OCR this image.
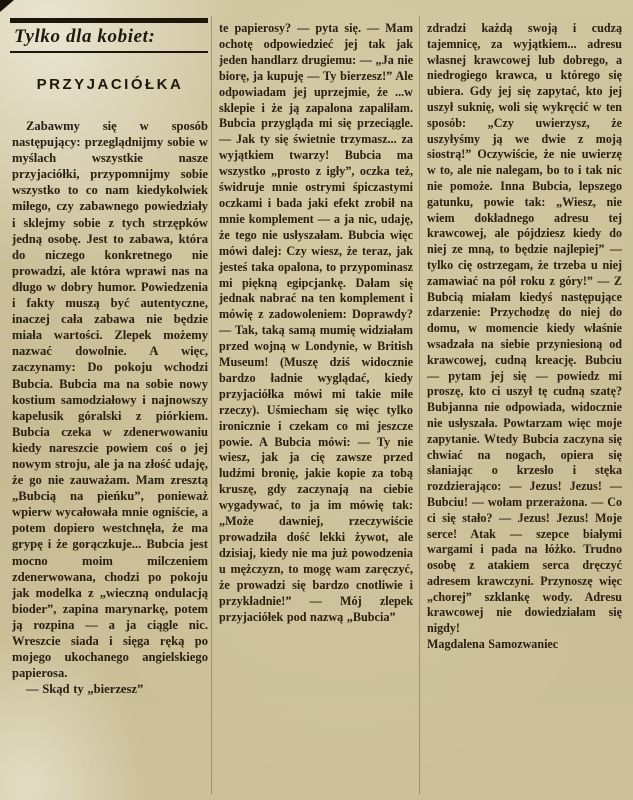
Tylko dla kobiet:
PRZYJACIÓŁKA

Zabawmy się w sposób następujący: przeglądnijmy sobie w myślach wszystkie nasze przyjaciółki, przypomnijmy sobie wszystko to co nam kiedykolwiek miłego, czy zabawnego powiedziały i sklejmy sobie z tych strzępków jedną osobę. Jest to zabawa, która do niczego konkretnego nie prowadzi, ale która wprawi nas na długo w dobry humor. Powiedzenia i fakty muszą być autentyczne, inaczej cała zabawa nie będzie miała wartości. Zlepek możemy nazwać dowolnie. A więc, zaczynamy: Do pokoju wchodzi Bubcia. Bubcia ma na sobie nowy kostium samodziałowy i najnowszy kapelusik góralski z piórkiem. Bubcia czeka w zdenerwowaniu kiedy nareszcie powiem coś o jej nowym stroju, ale ja na złość udaję, że go nie zauważam. Mam zresztą „Bubcią na pieńku”, ponieważ wpierw wycałowała mnie ogniście, a potem dopiero westchnęła, że ma grypę i że gorączkuje... Bubcia jest mocno moim milczeniem zdenerwowana, chodzi po pokoju jak modelka z „wieczną ondulacją bioder”, zapina marynarkę, potem ją rozpina — a ja ciągle nic. Wreszcie siada i sięga ręką po mojego ukochanego angielskiego papierosa.

— Skąd ty „bierzesz”

te papierosy? — pyta się. — Mam ochotę odpowiedzieć jej tak jak jeden handlarz drugiemu: — „Ja nie biorę, ja kupuję — Ty bierzesz!” Ale odpowiadam jej uprzejmie, że ...w sklepie i że ją zapalona zapaliłam. Bubcia przygląda mi się przeciągle. — Jak ty się świetnie trzymasz... za wyjątkiem twarzy! Bubcia ma wszystko „prosto z igły”, oczka też, świdruje mnie ostrymi śpiczastymi oczkami i bada jaki efekt zrobił na mnie komplement — a ja nic, udaję, że tego nie usłyszałam. Bubcia więc mówi dalej: Czy wiesz, że teraz, jak jesteś taka opalona, to przypominasz mi piękną egipcjankę. Dałam się jednak nabrać na ten komplement i mówię z zadowoleniem: Doprawdy? — Tak, taką samą mumię widziałam przed wojną w Londynie, w British Museum! (Muszę dziś widocznie bardzo ładnie wyglądać, kiedy przyjaciółka mówi mi takie miłe rzeczy). Uśmiecham się więc tylko ironicznie i czekam co mi jeszcze powie. A Bubcia mówi: — Ty nie wiesz, jak ja cię zawsze przed ludźmi bronię, jakie kopie za tobą kruszę, gdy zaczynają na ciebie wygadywać, to ja im mówię tak: „Może dawniej, rzeczywiście prowadziła dość lekki żywot, ale dzisiaj, kiedy nie ma już powodzenia u mężczyzn, to mogę wam zaręczyć, że prowadzi się bardzo cnotliwie i przykładnie!” — Mój zlepek przyjaciółek pod nazwą „Bubcia”

zdradzi każdą swoją i cudzą tajemnicę, za wyjątkiem... adresu własnej krawcowej lub dobrego, a niedrogiego krawca, u którego się ubiera. Gdy jej się zapytać, kto jej uszył suknię, woli się wykręcić w ten sposób: „Czy uwierzysz, że uszyłyśmy ją we dwie z moją siostrą!” Oczywiście, że nie uwierzę w to, ale nie nalegam, bo to i tak nic nie pomoże. Inna Bubcia, lepszego gatunku, powie tak: „Wiesz, nie wiem dokładnego adresu tej krawcowej, ale pójdziesz kiedy do niej ze mną, to będzie najlepiej” — tylko cię ostrzegam, że trzeba u niej zamawiać na pół roku z góry!” — Z Bubcią miałam kiedyś następujące zdarzenie: Przychodzę do niej do domu, w momencie kiedy właśnie wsadzała na siebie przyniesioną od krawcowej, cudną kreację. Bubciu — pytam jej się — powiedz mi proszę, kto ci uszył tę cudną szatę? Bubjanna nie odpowiada, widocznie nie usłyszała. Powtarzam więc moje zapytanie. Wtedy Bubcia zaczyna się chwiać na nogach, opiera się słaniając o krzesło i stęka rozdzierająco: — Jezus! Jezus! — Bubciu! — wołam przerażona. — Co ci się stało? — Jezus! Jezus! Moje serce! Atak — szepce białymi wargami i pada na łóżko. Trudno osobę z atakiem serca dręczyć adresem krawczyni. Przynoszę więc „chorej” szklankę wody. Adresu krawcowej nie dowiedziałam się nigdy!

Magdalena Samozwaniec
